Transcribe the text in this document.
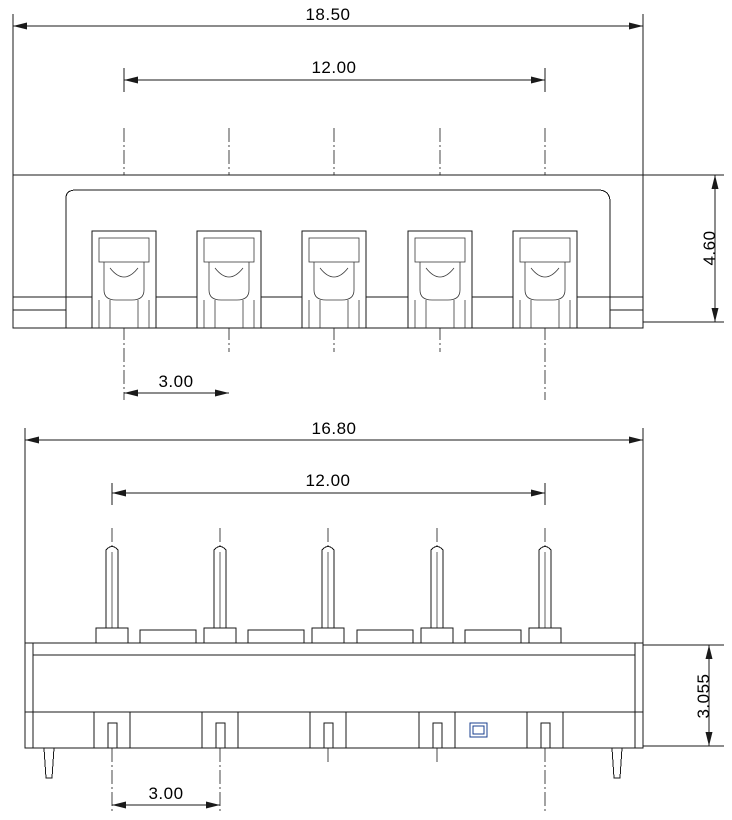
18.50
12.00
3.00
4.60
16.80
12.00
3.00
3.055
